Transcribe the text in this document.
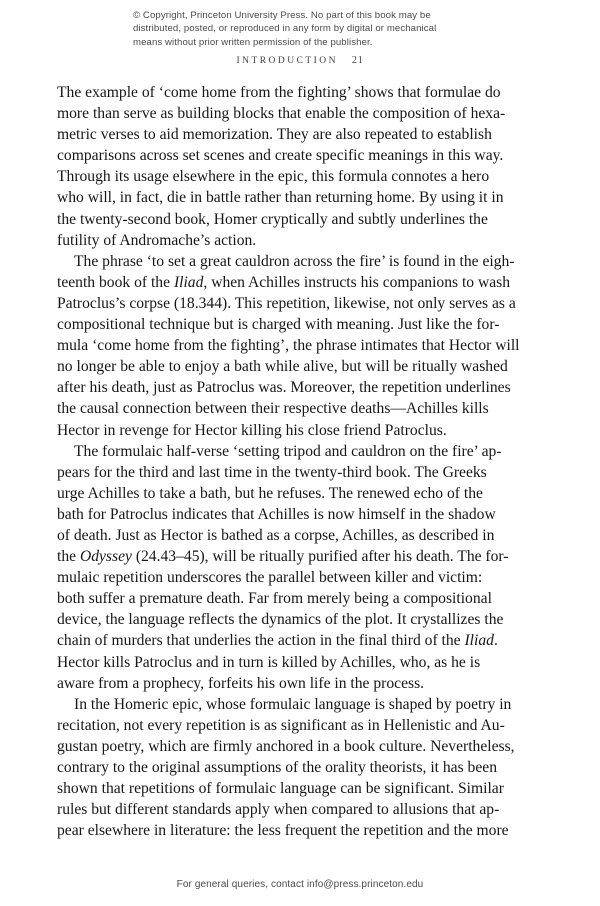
© Copyright, Princeton University Press. No part of this book may be
distributed, posted, or reproduced in any form by digital or mechanical
means without prior written permission of the publisher.
INTRODUCTION 21

The example of ‘come home from the fighting’ shows that formulae do
more than serve as building blocks that enable the composition of hexa-
metric verses to aid memorization. They are also repeated to establish
comparisons across set scenes and create specific meanings in this way.
Through its usage elsewhere in the epic, this formula connotes a hero
who will, in fact, die in battle rather than returning home. By using it in
the twenty-second book, Homer cryptically and subtly underlines the
futility of Andromache’s action.

The phrase ‘to set a great cauldron across the fire’ is found in the eigh-
teenth book of the Iliad, when Achilles instructs his companions to wash
Patroclus’s corpse (18.344). This repetition, likewise, not only serves as a
compositional technique but is charged with meaning. Just like the for-
mula ‘come home from the fighting’, the phrase intimates that Hector will
no longer be able to enjoy a bath while alive, but will be ritually washed
after his death, just as Patroclus was. Moreover, the repetition underlines
the causal connection between their respective deaths—Achilles kills
Hector in revenge for Hector killing his close friend Patroclus.

The formulaic half-verse ‘setting tripod and cauldron on the fire’ ap-
pears for the third and last time in the twenty-third book. The Greeks
urge Achilles to take a bath, but he refuses. The renewed echo of the
bath for Patroclus indicates that Achilles is now himself in the shadow
of death. Just as Hector is bathed as a corpse, Achilles, as described in
the Odyssey (24.43–45), will be ritually purified after his death. The for-
mulaic repetition underscores the parallel between killer and victim:
both suffer a premature death. Far from merely being a compositional
device, the language reflects the dynamics of the plot. It crystallizes the
chain of murders that underlies the action in the final third of the Iliad.
Hector kills Patroclus and in turn is killed by Achilles, who, as he is
aware from a prophecy, forfeits his own life in the process.

In the Homeric epic, whose formulaic language is shaped by poetry in
recitation, not every repetition is as significant as in Hellenistic and Au-
gustan poetry, which are firmly anchored in a book culture. Nevertheless,
contrary to the original assumptions of the orality theorists, it has been
shown that repetitions of formulaic language can be significant. Similar
rules but different standards apply when compared to allusions that ap-
pear elsewhere in literature: the less frequent the repetition and the more

For general queries, contact info@press.princeton.edu
